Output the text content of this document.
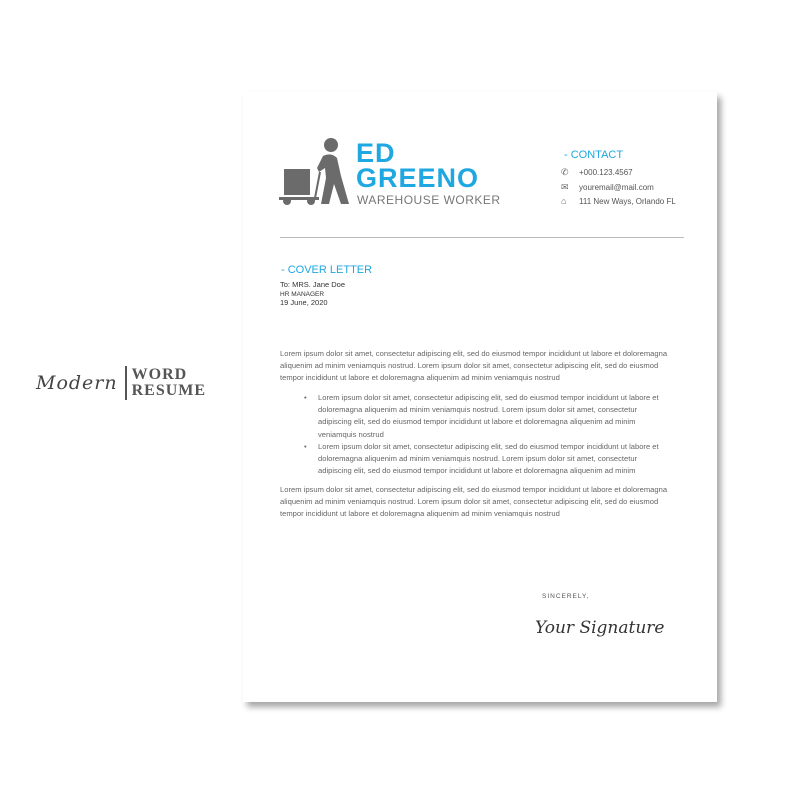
Modern WORD
RESUME
ED
GREENO
WAREHOUSE WORKER
- CONTACT
✆	+000.123.4567
✉	youremail@mail.com
⌂	111 New Ways, Orlando FL
- COVER LETTER
To: MRS. Jane Doe
HR MANAGER
19 June, 2020
Lorem ipsum dolor sit amet, consectetur adipiscing elit, sed do eiusmod tempor incididunt ut labore et doloremagna
aliquenim ad minim veniamquis nostrud. Lorem ipsum dolor sit amet, consectetur adipiscing elit, sed do eiusmod
tempor incididunt ut labore et doloremagna aliquenim ad minim veniamquis nostrud
• Lorem ipsum dolor sit amet, consectetur adipiscing elit, sed do eiusmod tempor incididunt ut labore et
doloremagna aliquenim ad minim veniamquis nostrud. Lorem ipsum dolor sit amet, consectetur
adipiscing elit, sed do eiusmod tempor incididunt ut labore et doloremagna aliquenim ad minim
veniamquis nostrud
• Lorem ipsum dolor sit amet, consectetur adipiscing elit, sed do eiusmod tempor incididunt ut labore et
doloremagna aliquenim ad minim veniamquis nostrud. Lorem ipsum dolor sit amet, consectetur
adipiscing elit, sed do eiusmod tempor incididunt ut labore et doloremagna aliquenim ad minim
Lorem ipsum dolor sit amet, consectetur adipiscing elit, sed do eiusmod tempor incididunt ut labore et doloremagna
aliquenim ad minim veniamquis nostrud. Lorem ipsum dolor sit amet, consectetur adipiscing elit, sed do eiusmod
tempor incididunt ut labore et doloremagna aliquenim ad minim veniamquis nostrud
SINCERELY,
Your Signature
